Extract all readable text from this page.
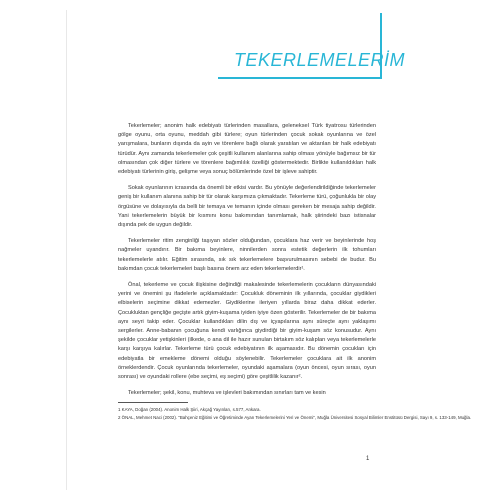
TEKERLEMELERİM

Tekerlemeler; anonim halk edebiyatı türlerinden masallara, geleneksel Türk tiyatrosu türlerinden gölge oyunu, orta oyunu, meddah gibi türlere; oyun türlerinden çocuk sokak oyunlarına ve özel yarışmalara, bunların dışında da ayin ve törenlere bağlı olarak yaratılan ve aktarılan bir halk edebiyatı türüdür. Aynı zamanda tekerlemeler çok çeşitli kullanım alanlarına sahip olması yönüyle bağımsız bir tür olmasından çok diğer türlere ve törenlere bağımlılık özelliği göstermektedir. Birlikte kullanıldıkları halk edebiyatı türlerinin giriş, gelişme veya sonuç bölümlerinde özel bir işleve sahiptir.

Sokak oyunlarının icrasında da önemli bir etkisi vardır. Bu yönüyle değerlendirildiğinde tekerlemeler geniş bir kullanım alanına sahip bir tür olarak karşımıza çıkmaktadır. Tekerleme türü, çoğunlukla bir olay örgüsüne ve dolayısıyla da belli bir temaya ve temanın içinde olması gereken bir mesaja sahip değildir. Yani tekerlemelerin büyük bir kısmını konu bakımından tanımlamak, halk şiirindeki bazı istisnalar dışında pek de uygun değildir.

Tekerlemeler ritim zenginliği taşıyan sözler olduğundan, çocuklara haz verir ve beyinlerinde hoş nağmeler uyandırır. Bir bakıma beyinlere, ninnilerden sonra estetik değerlerin ilk tohumları tekerlemelerle atılır. Eğitim sırasında, sık sık tekerlemelere başvurulmasının sebebi de budur. Bu bakımdan çocuk tekerlemeleri başlı basına önem arz eden tekerlemelerdir¹.

Önal, tekerleme ve çocuk ilişkisine değindiği makalesinde tekerlemelerin çocukların dünyasındaki yerini ve önemini şu ifadelerle açıklamaktadır: Çocukluk döneminin ilk yıllarında, çocuklar giydikleri elbiselerin seçimine dikkat edemezler. Giydiklerine ileriyen yıllarda biraz daha dikkat ederler. Çocukluktan gençliğe geçişte artık giyim-kuşama iyiden iyiye özen gösterilir. Tekerlemeler de bir bakıma aynı seyri takip eder. Çocuklar kullandıkları dilin dış ve içyapılarına aynı süreçte aynı yaklaşımı sergilerler. Anne-babanın çocuğuna kendi varlığınca giydirdiği bir giyim-kuşam söz konusudur. Aynı şekilde çocuklar yetişkinleri (ilkede, o ana dil ile hazır sunulan birtakım söz kalıpları veya tekerlemelerle karşı karşıya kalırlar. Tekerleme türü çocuk edebiyatının ilk aşamasıdır. Bu dönemin çocukları için edebiyatla bir emekleme dönemi olduğu söylenebilir. Tekerlemeler çocuklara ait ilk anonim örneklerdendir. Çocuk oyunlarında tekerlemeler, oyundaki aşamalara (oyun öncesi, oyun sırası, oyun sonrası) ve oyundaki rollere (ebe seçimi, eş seçimi) göre çeşitlilik kazanır².

Tekerlemeler; şekil, konu, muhteva ve işlevleri bakımından sınırları tam ve kesin

1 KAYA, Doğan (2004). Anonim Halk Şiiri, Akçağ Yayınları, s.577, Ankara.
2 ÖNAL, Mehmet Naci (2002). "Bahçeniz Eğitimi ve Öğretiminde Ayan Tekerlemelerini Yeri ve Önemi", Muğla Üniversitesi Sosyal Bilimler Enstitüsü Dergisi, Sayı 9, s. 133-149, Muğla.
1
